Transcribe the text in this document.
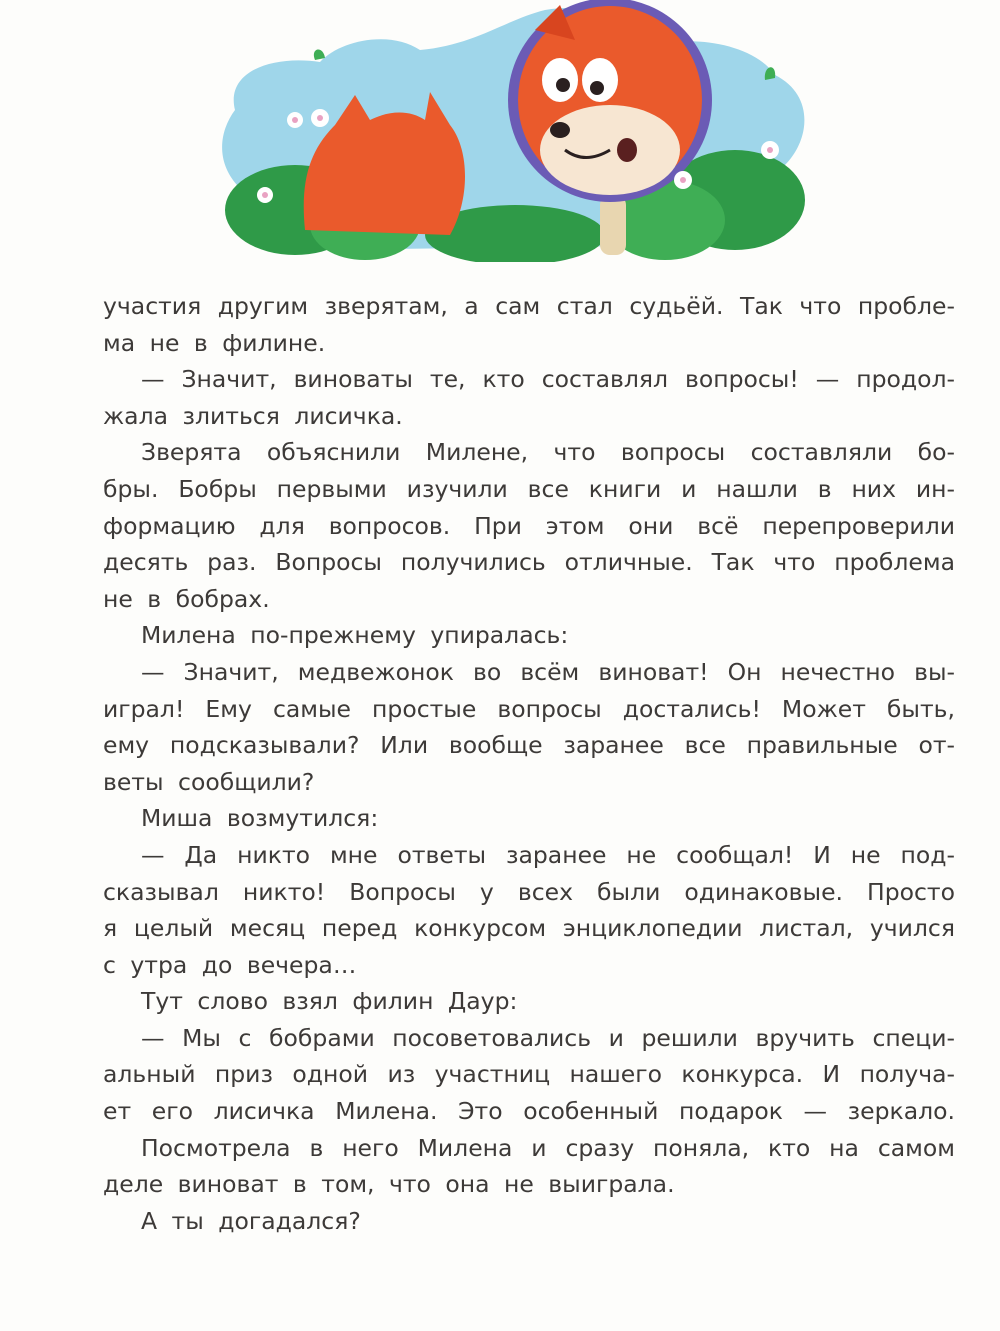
участия другим зверятам, а сам стал судьёй. Так что пробле-
ма не в филине.

— Значит, виноваты те, кто составлял вопросы! — продол-
жала злиться лисичка.

Зверята объяснили Милене, что вопросы составляли бо-
бры. Бобры первыми изучили все книги и нашли в них ин-
формацию для вопросов. При этом они всё перепроверили
десять раз. Вопросы получились отличные. Так что проблема
не в бобрах.

Милена по-прежнему упиралась:

— Значит, медвежонок во всём виноват! Он нечестно вы-
играл! Ему самые простые вопросы достались! Может быть,
ему подсказывали? Или вообще заранее все правильные от-
веты сообщили?

Миша возмутился:

— Да никто мне ответы заранее не сообщал! И не под-
сказывал никто! Вопросы у всех были одинаковые. Просто
я целый месяц перед конкурсом энциклопедии листал, учился
с утра до вечера…

Тут слово взял филин Даур:

— Мы с бобрами посоветовались и решили вручить специ-
альный приз одной из участниц нашего конкурса. И получа-
ет его лисичка Милена. Это особенный подарок — зеркало.

Посмотрела в него Милена и сразу поняла, кто на самом
деле виноват в том, что она не выиграла.

А ты догадался?
